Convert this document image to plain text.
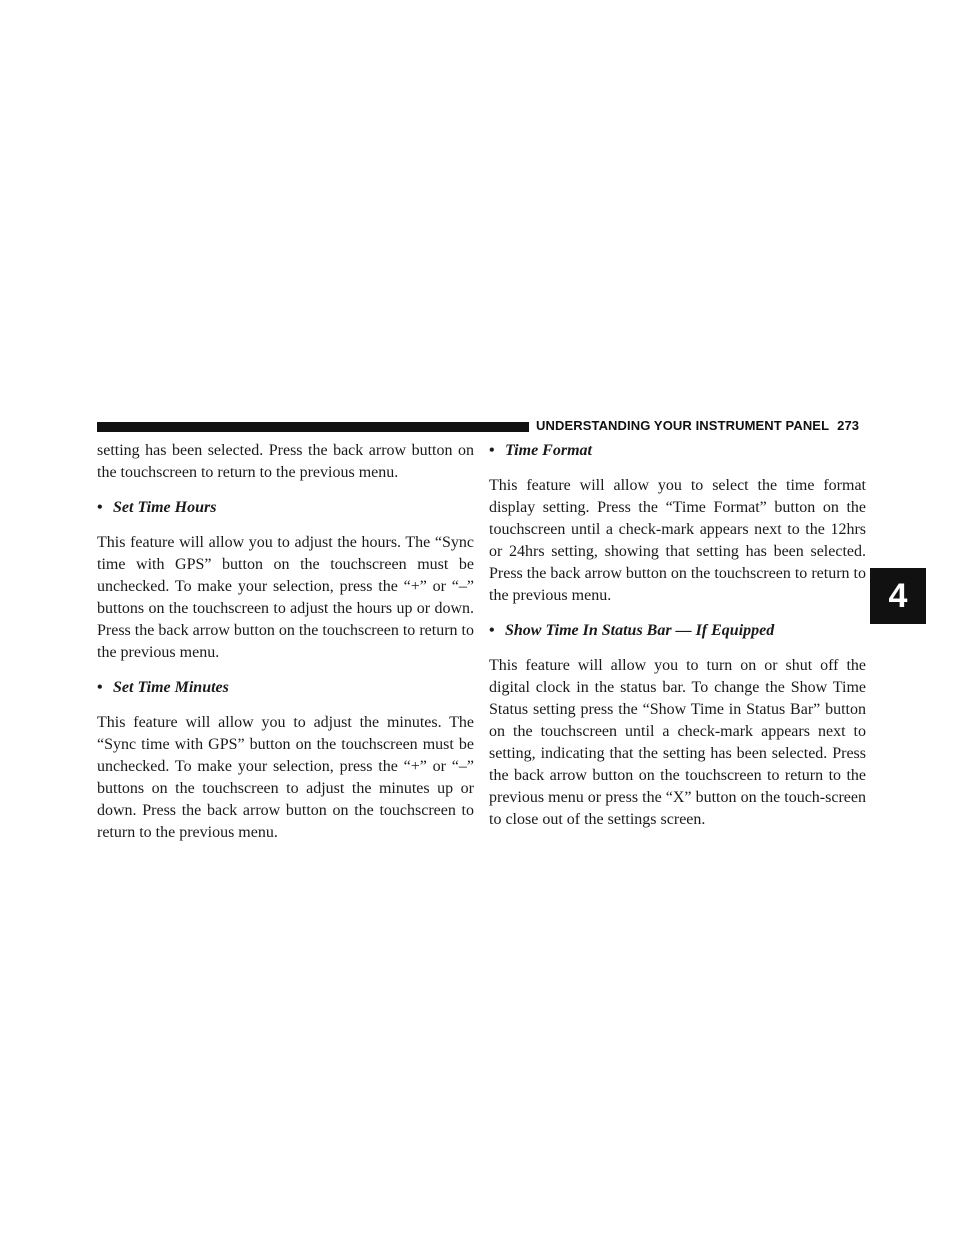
UNDERSTANDING YOUR INSTRUMENT PANEL 273
4

setting has been selected. Press the back arrow button on the touchscreen to return to the previous menu.

• Set Time Hours

This feature will allow you to adjust the hours. The “Sync time with GPS” button on the touchscreen must be unchecked. To make your selection, press the “+” or “–” buttons on the touchscreen to adjust the hours up or down. Press the back arrow button on the touchscreen to return to the previous menu.

• Set Time Minutes

This feature will allow you to adjust the minutes. The “Sync time with GPS” button on the touchscreen must be unchecked. To make your selection, press the “+” or “–” buttons on the touchscreen to adjust the minutes up or down. Press the back arrow button on the touchscreen to return to the previous menu.

• Time Format

This feature will allow you to select the time format display setting. Press the “Time Format” button on the touchscreen until a check-mark appears next to the 12hrs or 24hrs setting, showing that setting has been selected. Press the back arrow button on the touchscreen to return to the previous menu.

• Show Time In Status Bar — If Equipped

This feature will allow you to turn on or shut off the digital clock in the status bar. To change the Show Time Status setting press the “Show Time in Status Bar” button on the touchscreen until a check-mark appears next to setting, indicating that the setting has been selected. Press the back arrow button on the touchscreen to return to the previous menu or press the “X” button on the touch-screen to close out of the settings screen.
